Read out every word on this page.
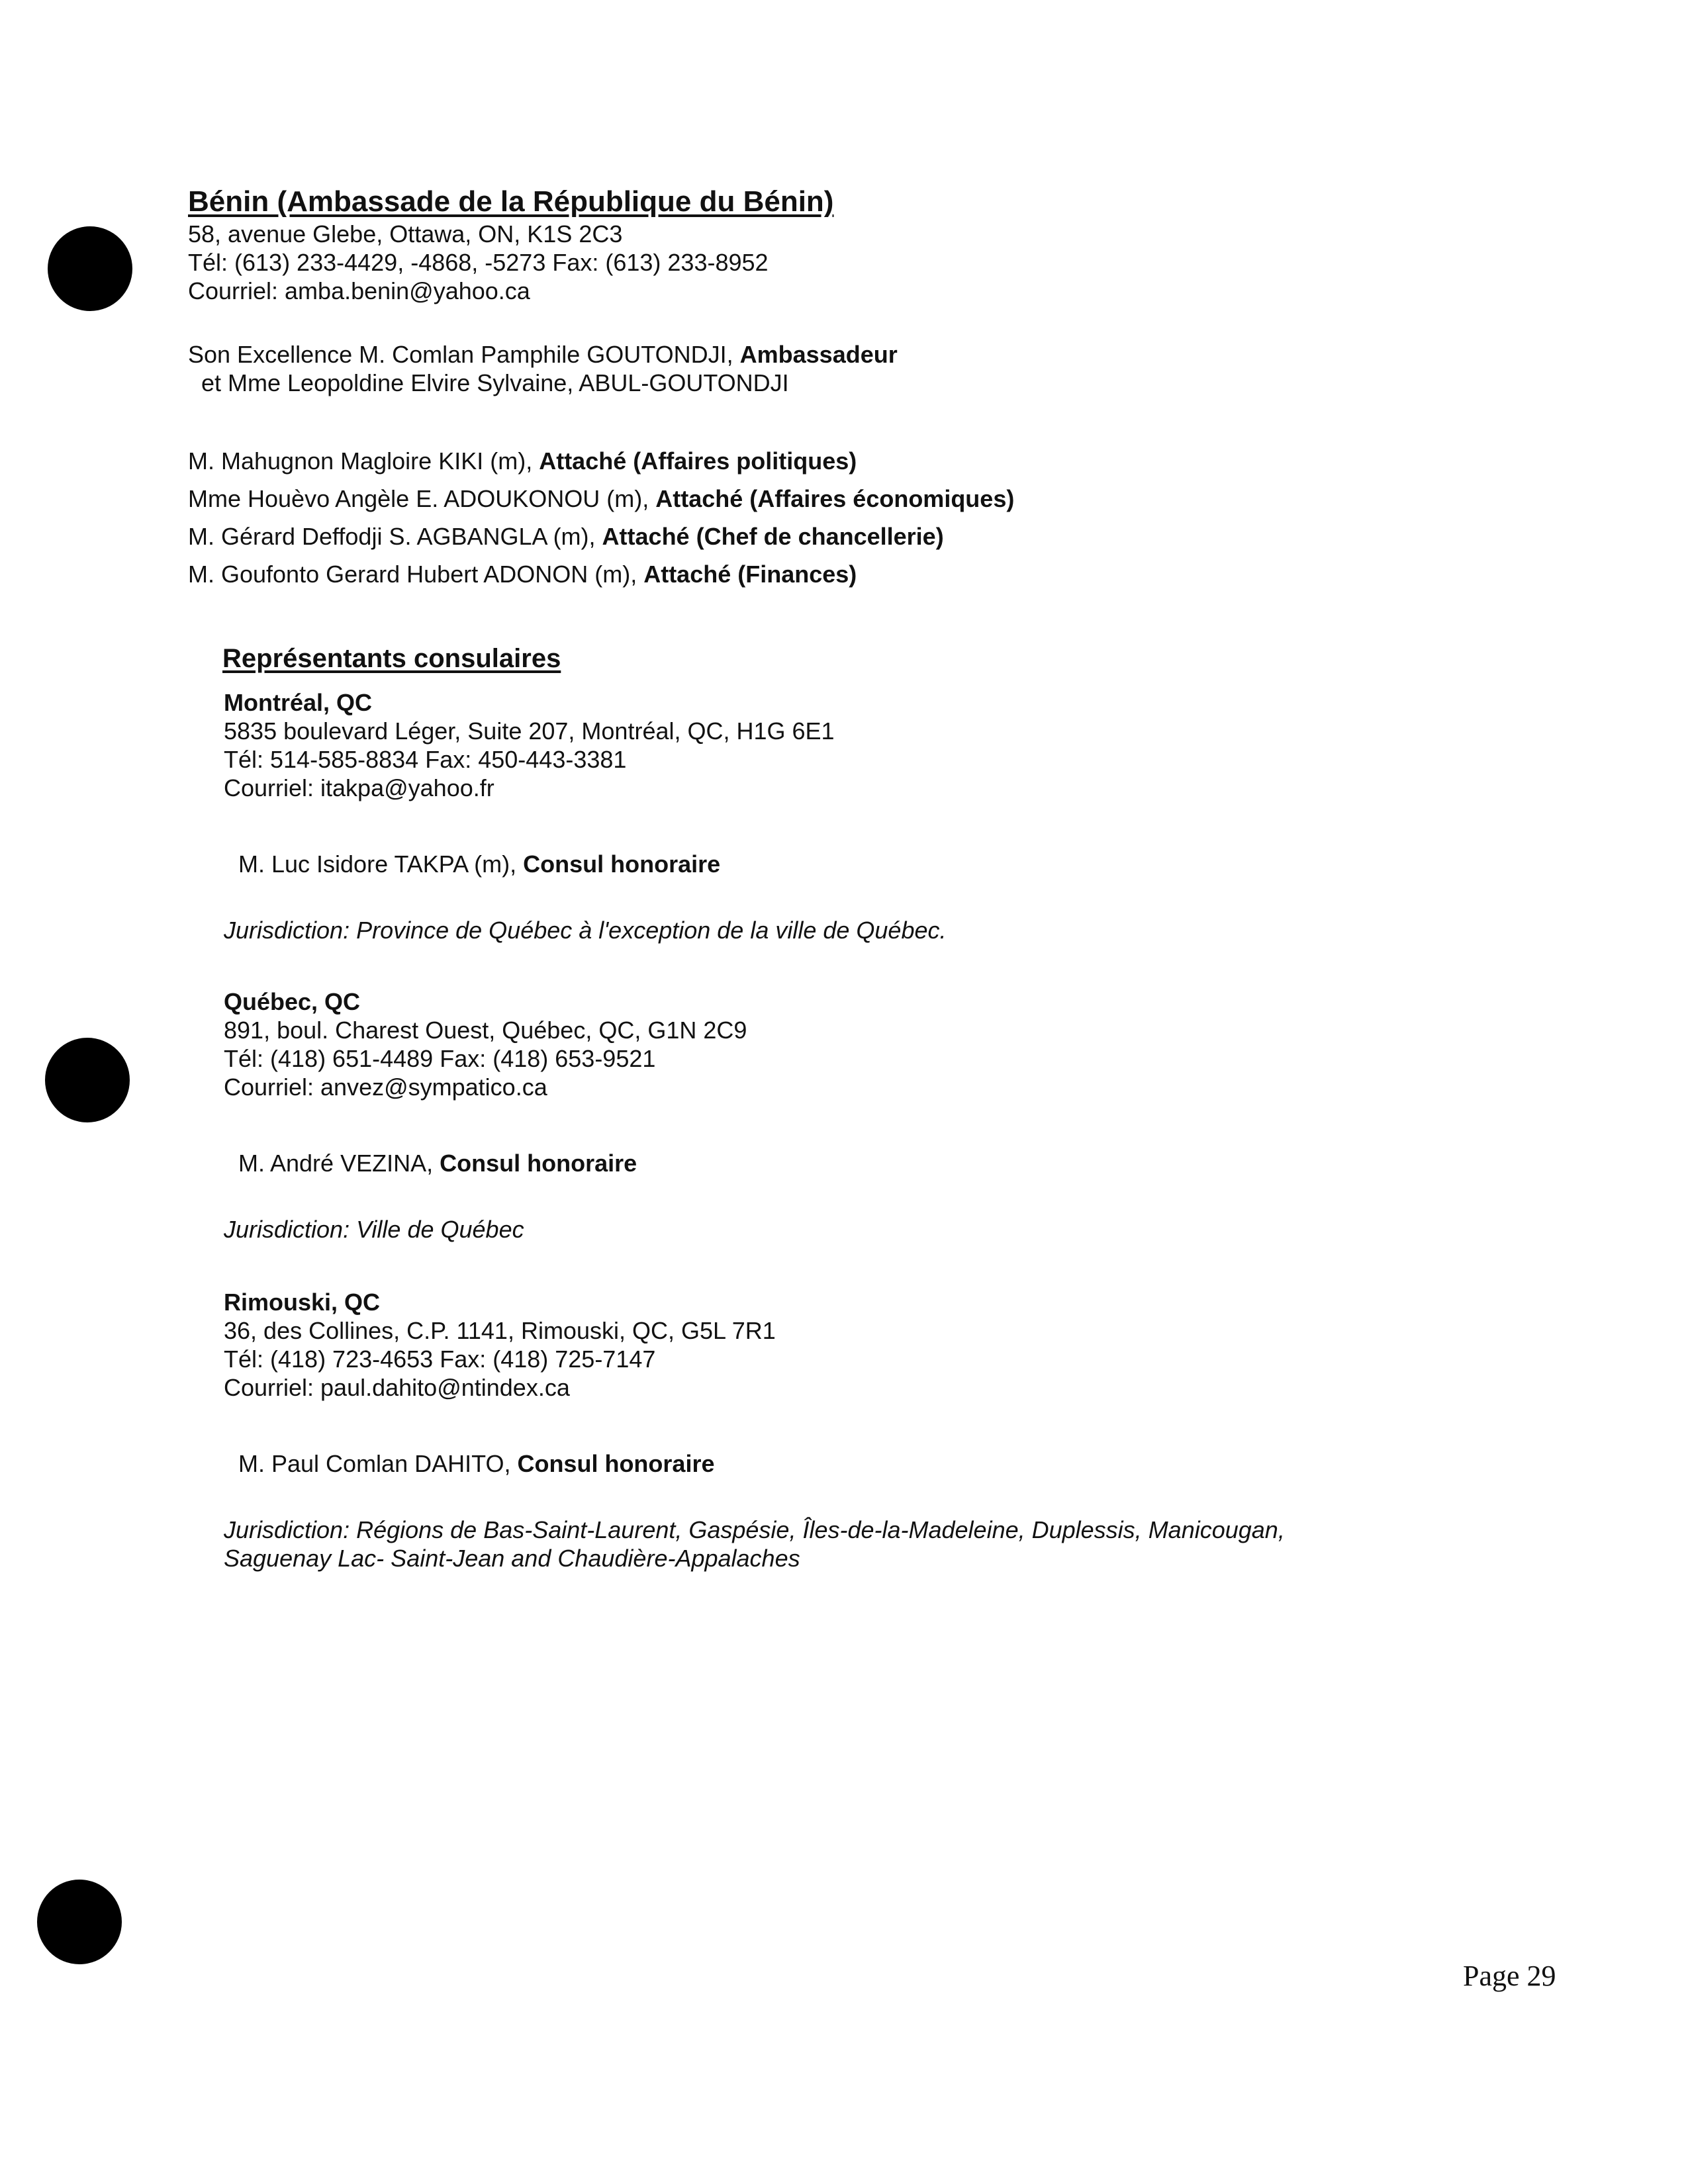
Bénin (Ambassade de la République du Bénin)
58, avenue Glebe, Ottawa, ON, K1S 2C3
Tél: (613) 233-4429, -4868, -5273 Fax: (613) 233-8952
Courriel: amba.benin@yahoo.ca
Son Excellence M. Comlan Pamphile GOUTONDJI, Ambassadeur
et Mme Leopoldine Elvire Sylvaine, ABUL-GOUTONDJI
M. Mahugnon Magloire KIKI (m), Attaché (Affaires politiques)
Mme Houèvo Angèle E. ADOUKONOU (m), Attaché (Affaires économiques)
M. Gérard Deffodji S. AGBANGLA (m), Attaché (Chef de chancellerie)
M. Goufonto Gerard Hubert ADONON (m), Attaché (Finances)
Représentants consulaires
Montréal, QC
5835 boulevard Léger, Suite 207, Montréal, QC, H1G 6E1
Tél: 514-585-8834 Fax: 450-443-3381
Courriel: itakpa@yahoo.fr
M. Luc Isidore TAKPA (m), Consul honoraire
Jurisdiction: Province de Québec à l'exception de la ville de Québec.
Québec, QC
891, boul. Charest Ouest, Québec, QC, G1N 2C9
Tél: (418) 651-4489 Fax: (418) 653-9521
Courriel: anvez@sympatico.ca
M. André VEZINA, Consul honoraire
Jurisdiction: Ville de Québec
Rimouski, QC
36, des Collines, C.P. 1141, Rimouski, QC, G5L 7R1
Tél: (418) 723-4653 Fax: (418) 725-7147
Courriel: paul.dahito@ntindex.ca
M. Paul Comlan DAHITO, Consul honoraire
Jurisdiction: Régions de Bas-Saint-Laurent, Gaspésie, Îles-de-la-Madeleine, Duplessis, Manicougan,
Saguenay Lac- Saint-Jean and Chaudière-Appalaches
Page 29
